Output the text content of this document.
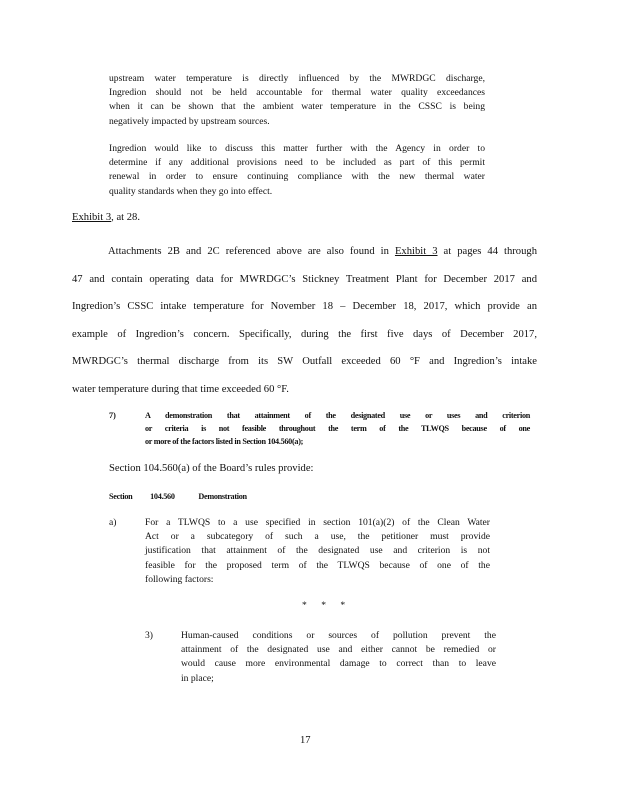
upstream water temperature is directly influenced by the MWRDGC discharge,
Ingredion should not be held accountable for thermal water quality exceedances
when it can be shown that the ambient water temperature in the CSSC is being
negatively impacted by upstream sources.
Ingredion would like to discuss this matter further with the Agency in order to
determine if any additional provisions need to be included as part of this permit
renewal in order to ensure continuing compliance with the new thermal water
quality standards when they go into effect.
Exhibit 3, at 28.
Attachments 2B and 2C referenced above are also found in Exhibit 3 at pages 44 through
47 and contain operating data for MWRDGC’s Stickney Treatment Plant for December 2017 and
Ingredion’s CSSC intake temperature for November 18 – December 18, 2017, which provide an
example of Ingredion’s concern. Specifically, during the first five days of December 2017,
MWRDGC’s thermal discharge from its SW Outfall exceeded 60 °F and Ingredion’s intake
water temperature during that time exceeded 60 °F.
7)	A demonstration that attainment of the designated use or uses and criterion
or criteria is not feasible throughout the term of the TLWQS because of one
or more of the factors listed in Section 104.560(a);
Section 104.560(a) of the Board’s rules provide:
Section 104.560	Demonstration
a)	For a TLWQS to a use specified in section 101(a)(2) of the Clean Water
Act or a subcategory of such a use, the petitioner must provide
justification that attainment of the designated use and criterion is not
feasible for the proposed term of the TLWQS because of one of the
following factors:
*      *      *
3)	Human-caused conditions or sources of pollution prevent the
attainment of the designated use and either cannot be remedied or
would cause more environmental damage to correct than to leave
in place;
17
